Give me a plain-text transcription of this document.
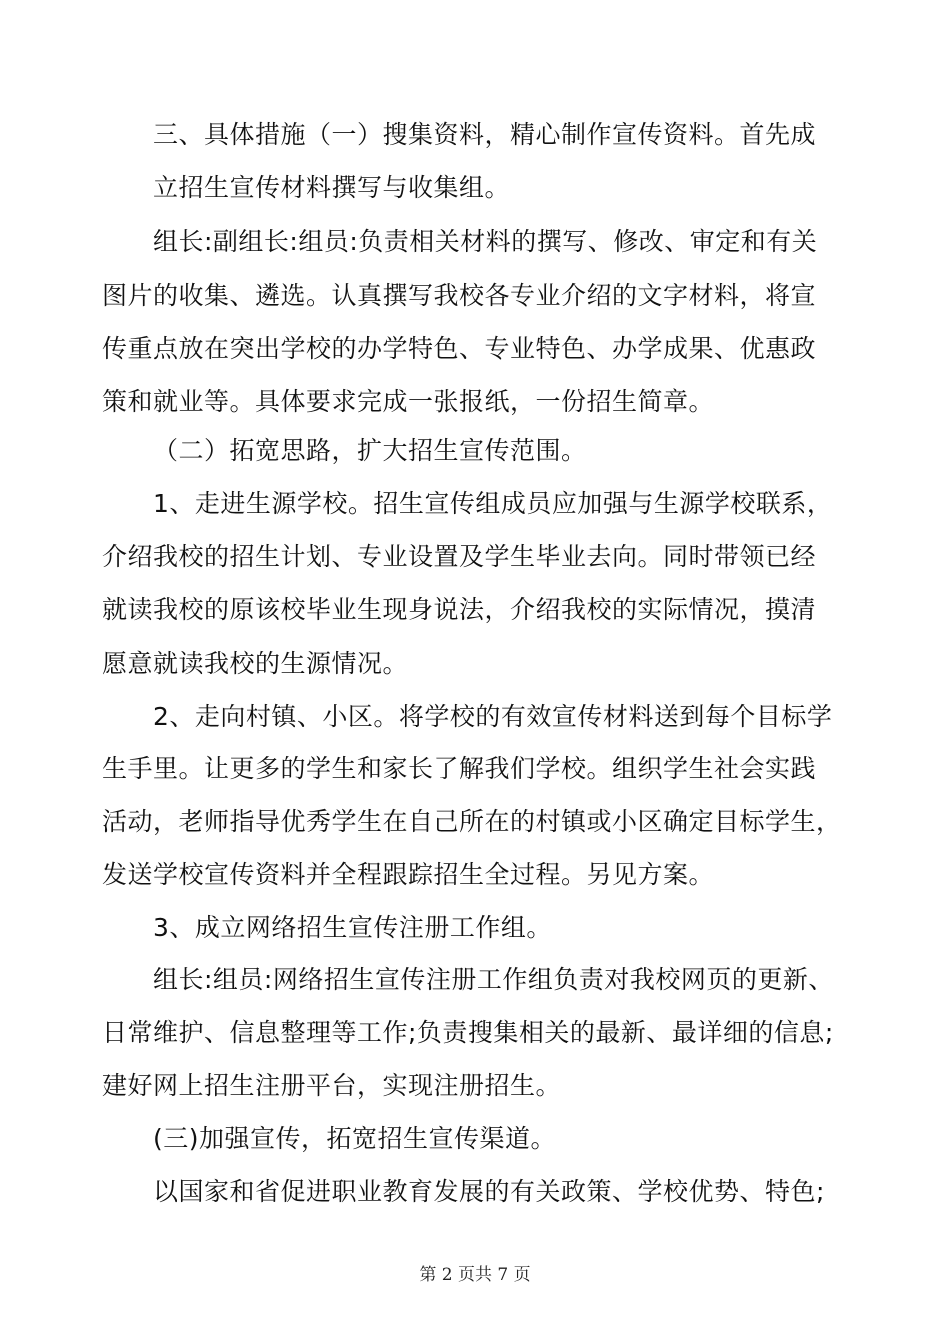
三、具体措施（一）搜集资料，精心制作宣传资料。首先成
立招生宣传材料撰写与收集组。
组长:副组长:组员:负责相关材料的撰写、修改、审定和有关
图片的收集、遴选。认真撰写我校各专业介绍的文字材料，将宣
传重点放在突出学校的办学特色、专业特色、办学成果、优惠政
策和就业等。具体要求完成一张报纸，一份招生简章。
（二）拓宽思路，扩大招生宣传范围。
1、走进生源学校。招生宣传组成员应加强与生源学校联系，
介绍我校的招生计划、专业设置及学生毕业去向。同时带领已经
就读我校的原该校毕业生现身说法，介绍我校的实际情况，摸清
愿意就读我校的生源情况。
2、走向村镇、小区。将学校的有效宣传材料送到每个目标学
生手里。让更多的学生和家长了解我们学校。组织学生社会实践
活动，老师指导优秀学生在自己所在的村镇或小区确定目标学生，
发送学校宣传资料并全程跟踪招生全过程。另见方案。
3、成立网络招生宣传注册工作组。
组长:组员:网络招生宣传注册工作组负责对我校网页的更新、
日常维护、信息整理等工作;负责搜集相关的最新、最详细的信息;
建好网上招生注册平台，实现注册招生。
(三)加强宣传，拓宽招生宣传渠道。
以国家和省促进职业教育发展的有关政策、学校优势、特色;
第 2 页共 7 页
